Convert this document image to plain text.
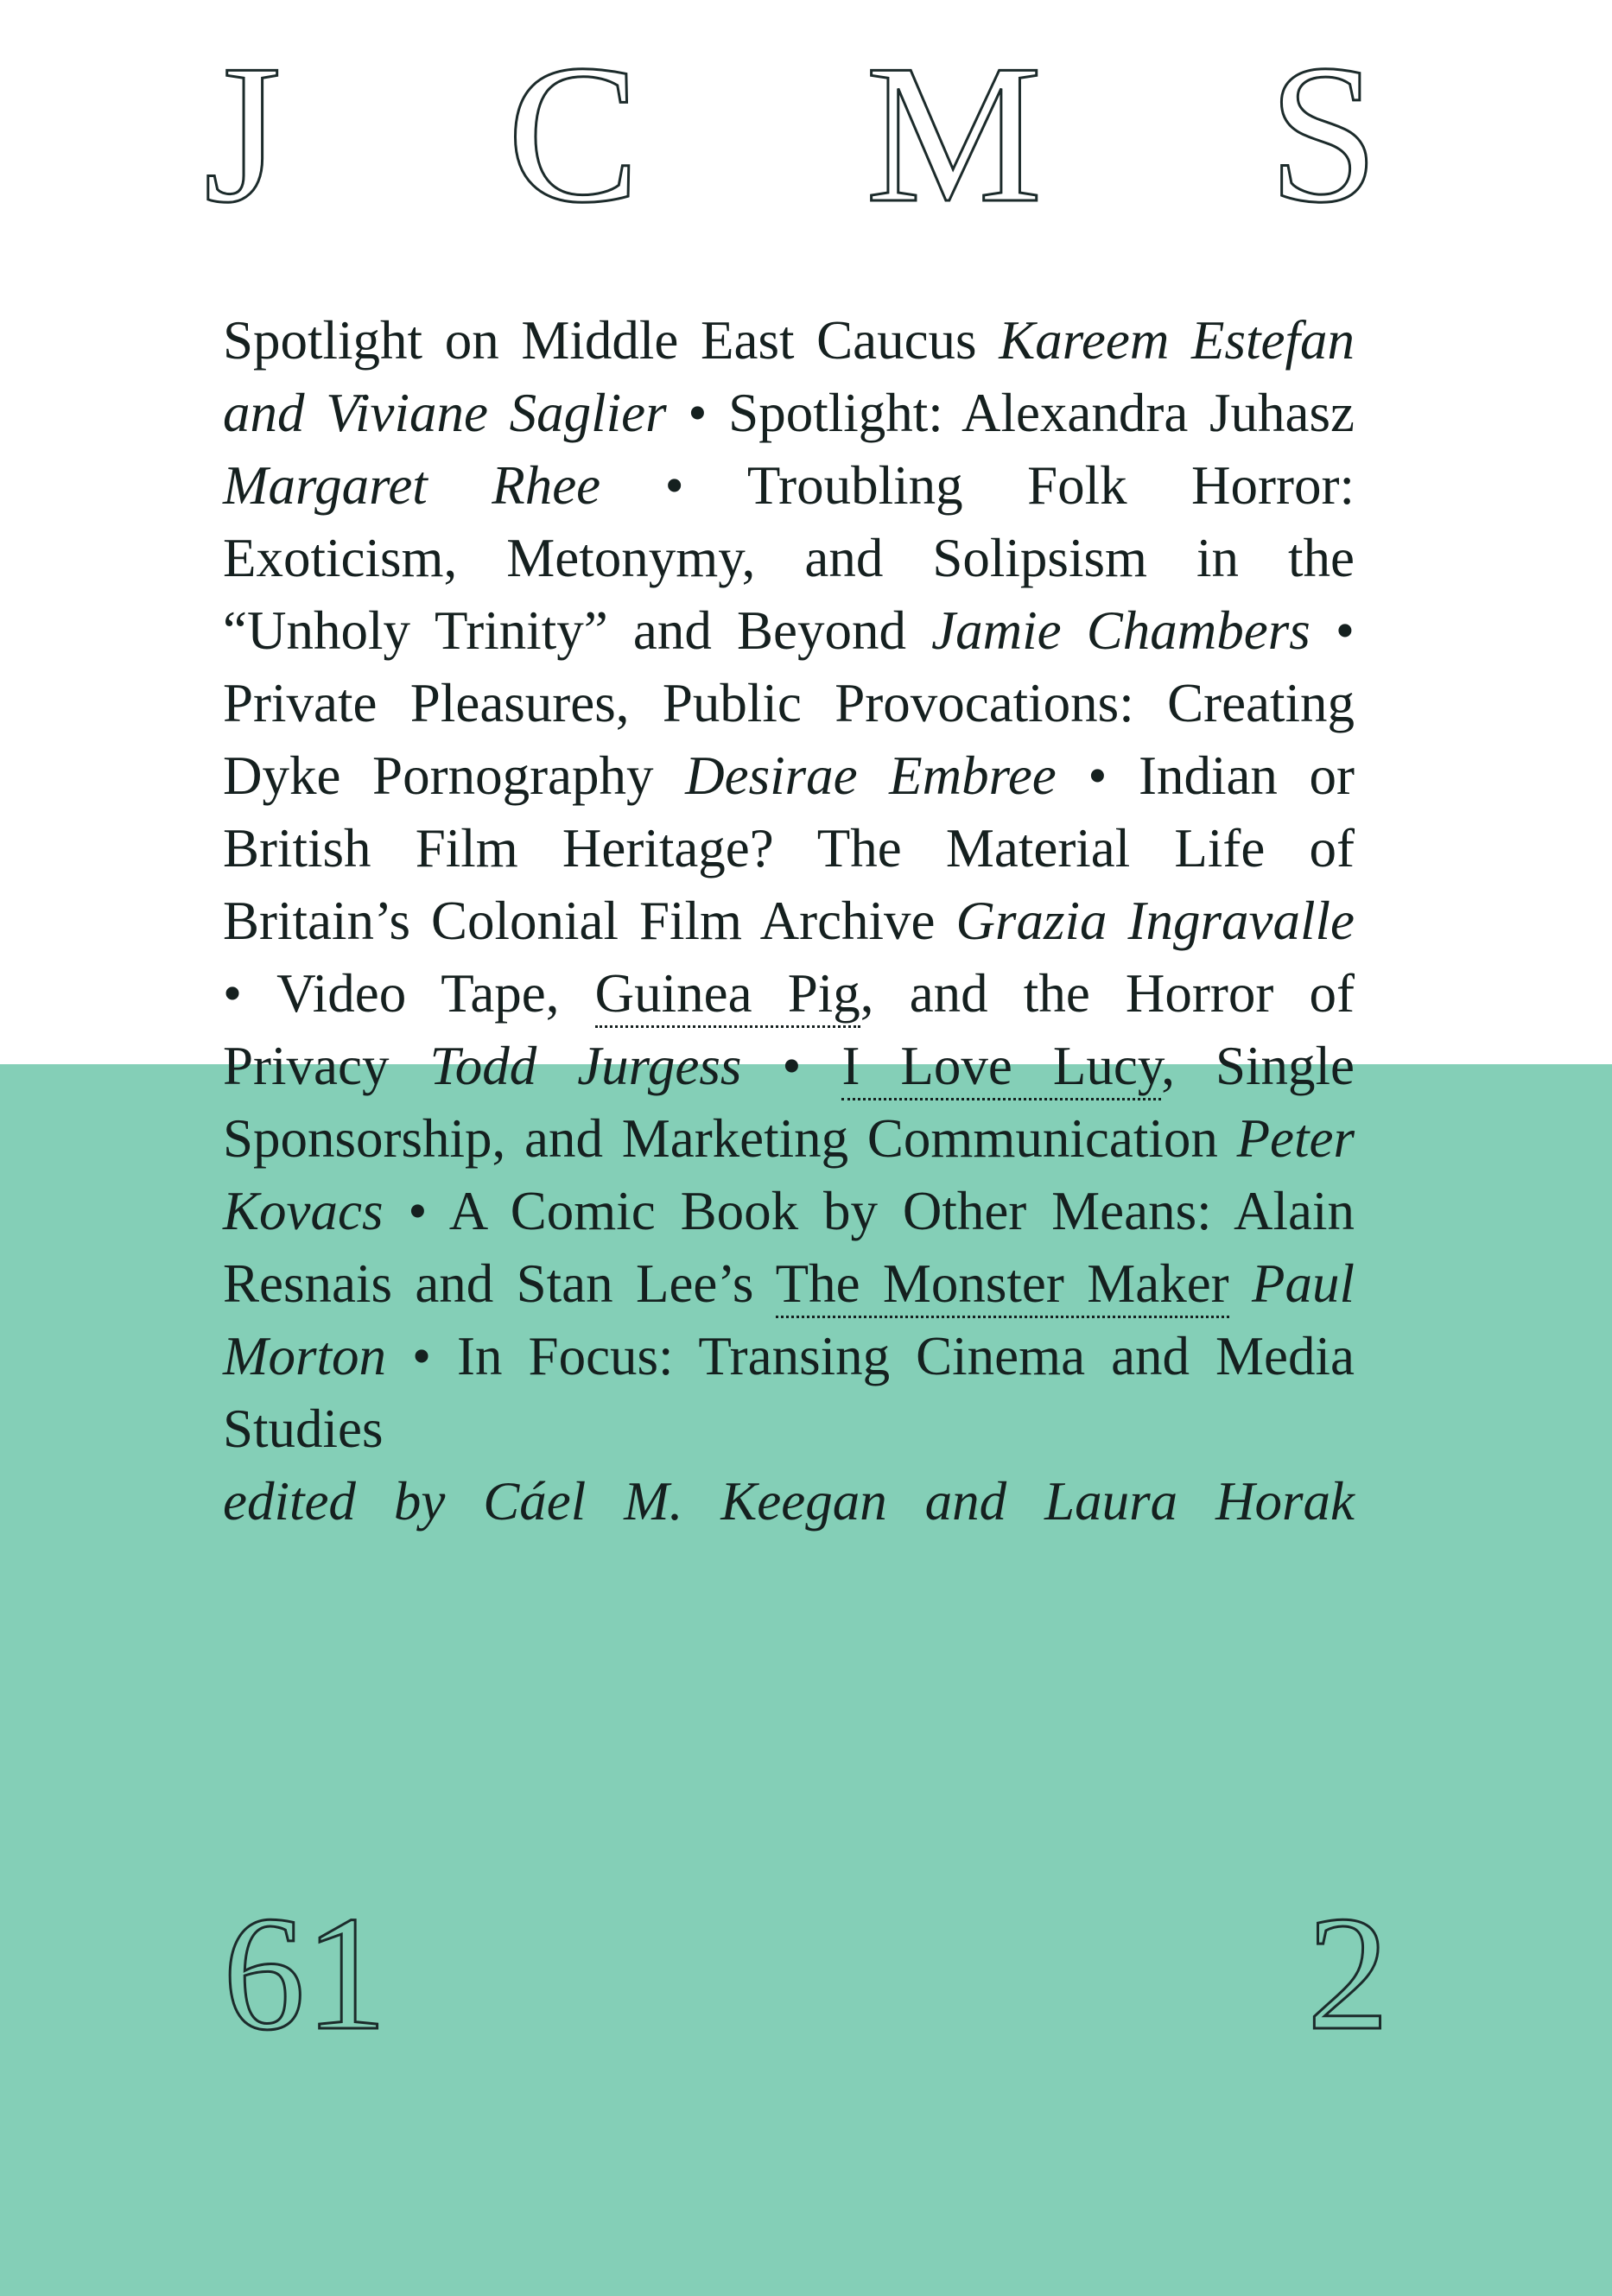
J C M S
Spotlight on Middle East Caucus Kareem Estefan and Viviane Saglier • Spotlight: Alexandra Juhasz Margaret Rhee • Troubling Folk Horror: Exoticism, Metonymy, and Solipsism in the “Unholy Trinity” and Beyond Jamie Chambers • Private Pleasures, Public Provocations: Creating Dyke Pornography Desirae Embree • Indian or British Film Heritage? The Material Life of Britain’s Colonial Film Archive Grazia Ingravalle • Video Tape, Guinea Pig, and the Horror of Privacy Todd Jurgess • I Love Lucy, Single Sponsorship, and Marketing Communication Peter Kovacs • A Comic Book by Other Means: Alain Resnais and Stan Lee’s The Monster Maker Paul Morton • In Focus: Transing Cinema and Media Studies
edited by Cáel M. Keegan and Laura Horak
61	2
